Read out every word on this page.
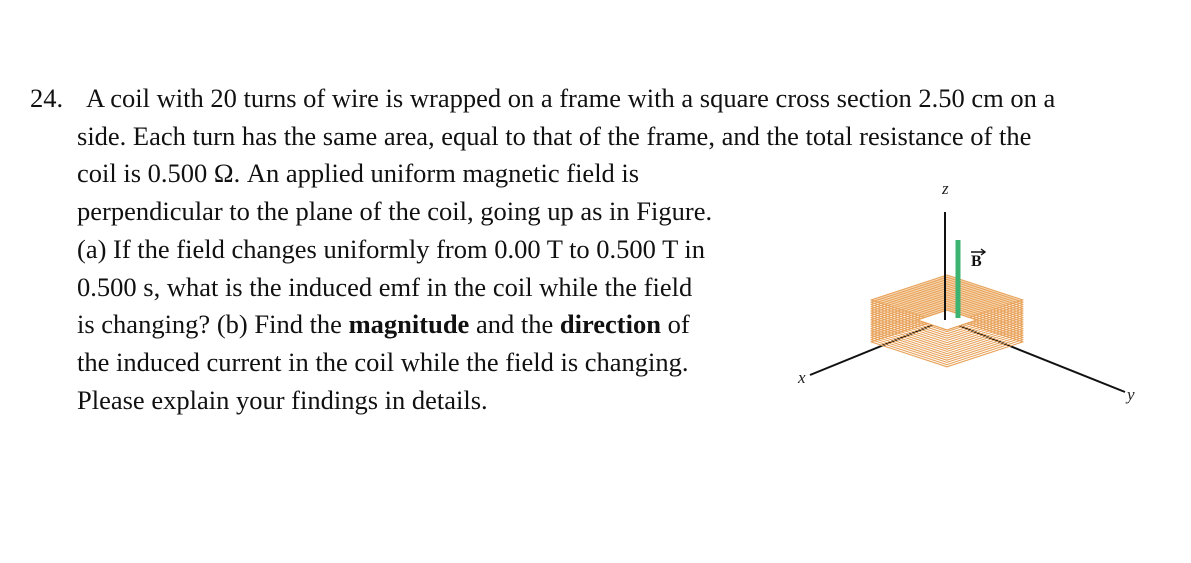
24. A coil with 20 turns of wire is wrapped on a frame with a square cross section 2.50 cm on a
side. Each turn has the same area, equal to that of the frame, and the total resistance of the
coil is 0.500 Ω. An applied uniform magnetic field is
perpendicular to the plane of the coil, going up as in Figure.
(a) If the field changes uniformly from 0.00 T to 0.500 T in
0.500 s, what is the induced emf in the coil while the field
is changing? (b) Find the magnitude and the direction of
the induced current in the coil while the field is changing.
Please explain your findings in details.
z
x
y
B
